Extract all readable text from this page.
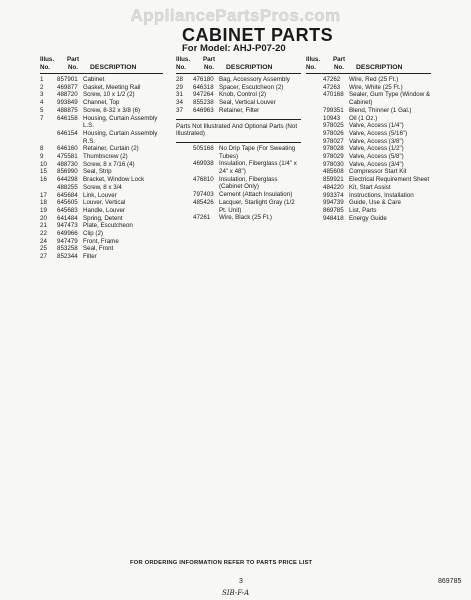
AppliancePartsPros.com
CABINET PARTS
For Model: AHJ-P07-20
Illus. No.
Part No.	DESCRIPTION
1	857901 Cabinet
2	469877 Gasket, Meeting Rail
3	488720 Screw, 10 x 1/2 (2)
4	993849 Channel, Top
5	488875 Screw, 8-32 x 3/8 (6)
7	646158 Housing, Curtain Assembly L.S.
646154 Housing, Curtain Assembly R.S.
8	646160 Retainer, Curtain (2)
9	475581 Thumbscrew (2)
10	488730 Screw, 8 x 7/16 (4)
15	856990 Seal, Strip
16	644298 Bracket, Window Lock
488255 Screw, 8 x 3/4
17	645684 Link, Louver
18	645605 Louver, Vertical
19	645683 Handle, Louver
20	641484 Spring, Detent
21	947473 Plate, Escutcheon
22	649966 Clip (2)
24	947479 Front, Frame
25	853258 Seal, Front
27	852344 Filter
Illus. No.
Part No.	DESCRIPTION
28	476180 Bag, Accessory Assembly
29	646318 Spacer, Escutcheon (2)
31	947264 Knob, Control (2)
34	855238 Seal, Vertical Louver
37	646963 Retainer, Filter
Parts Not Illustrated And Optional Parts (Not Illustrated)
505168 No Drip Tape (For Sweating Tubes)
469938 Insulation, Fiberglass (1/4" x 24" x 48")
476810 Insulation, Fiberglass (Cabinet Only)
797403 Cement (Attach Insulation)
485426 Lacquer, Starlight Gray (1/2 Pt. Unit)
47261	Wire, Black (25 Ft.)
Illus. No.
Part No.	DESCRIPTION
47262	Wire, Red (25 Ft.)
47263	Wire, White (25 Ft.)
470168 Sealer, Gum Type (Window & Cabinet)
799351 Blend, Thinner (1 Gal.)
10943	Oil (1 Oz.)
978025 Valve, Access (1/4")
978026 Valve, Access (5/16")
978027 Valve, Access (3/8")
978028 Valve, Access (1/2")
978029 Valve, Access (5/8")
978030 Valve, Access (3/4")
485608 Compressor Start Kit
859921 Electrical Requirement Sheet
484220 Kit, Start Assist
993374 Instructions, Installation
994739 Guide, Use & Care
869785 List, Parts
948418 Energy Guide
FOR ORDERING INFORMATION REFER TO PARTS PRICE LIST
3	869785
SIB-F-A
